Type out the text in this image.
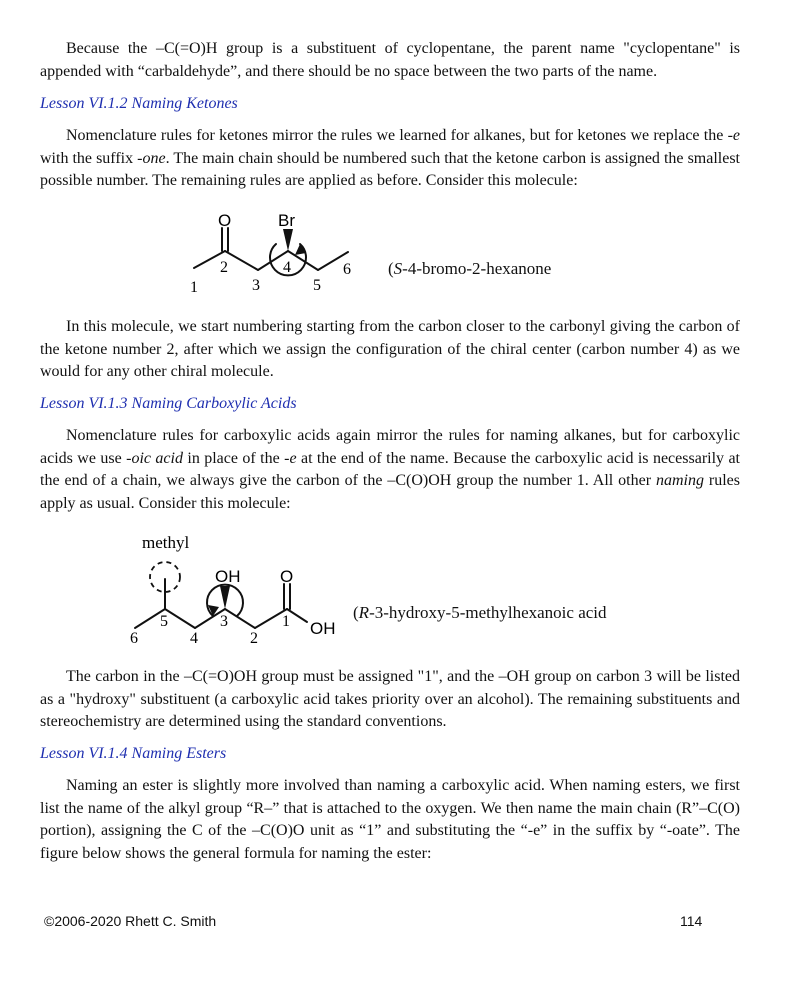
Because the –C(=O)H group is a substituent of cyclopentane, the parent name "cyclopentane" is appended with “carbaldehyde”, and there should be no space between the two parts of the name.

Lesson VI.1.2 Naming Ketones

Nomenclature rules for ketones mirror the rules we learned for alkanes, but for ketones we replace the -e with the suffix -one. The main chain should be numbered such that the ketone carbon is assigned the smallest possible number. The remaining rules are applied as before. Consider this molecule:

O	Br
1
2
3
4
5
6 (S-4-bromo-2-hexanone

In this molecule, we start numbering starting from the carbon closer to the carbonyl giving the carbon of the ketone number 2, after which we assign the configuration of the chiral center (carbon number 4) as we would for any other chiral molecule.

Lesson VI.1.3 Naming Carboxylic Acids

Nomenclature rules for carboxylic acids again mirror the rules for naming alkanes, but for carboxylic acids we use -oic acid in place of the -e at the end of the name. Because the carboxylic acid is necessarily at the end of a chain, we always give the carbon of the –C(O)OH group the number 1. All other naming rules apply as usual. Consider this molecule:

methyl
OH O
OH
6
5
4
3
2
1	(R-3-hydroxy-5-methylhexanoic acid

The carbon in the –C(=O)OH group must be assigned "1", and the –OH group on carbon 3 will be listed as a "hydroxy" substituent (a carboxylic acid takes priority over an alcohol). The remaining substituents and stereochemistry are determined using the standard conventions.

Lesson VI.1.4 Naming Esters

Naming an ester is slightly more involved than naming a carboxylic acid. When naming esters, we first list the name of the alkyl group “R–” that is attached to the oxygen. We then name the main chain (R”–C(O) portion), assigning the C of the –C(O)O unit as “1” and substituting the “-e” in the suffix by “-oate”. The figure below shows the general formula for naming the ester:

©2006-2020 Rhett C. Smith	114
